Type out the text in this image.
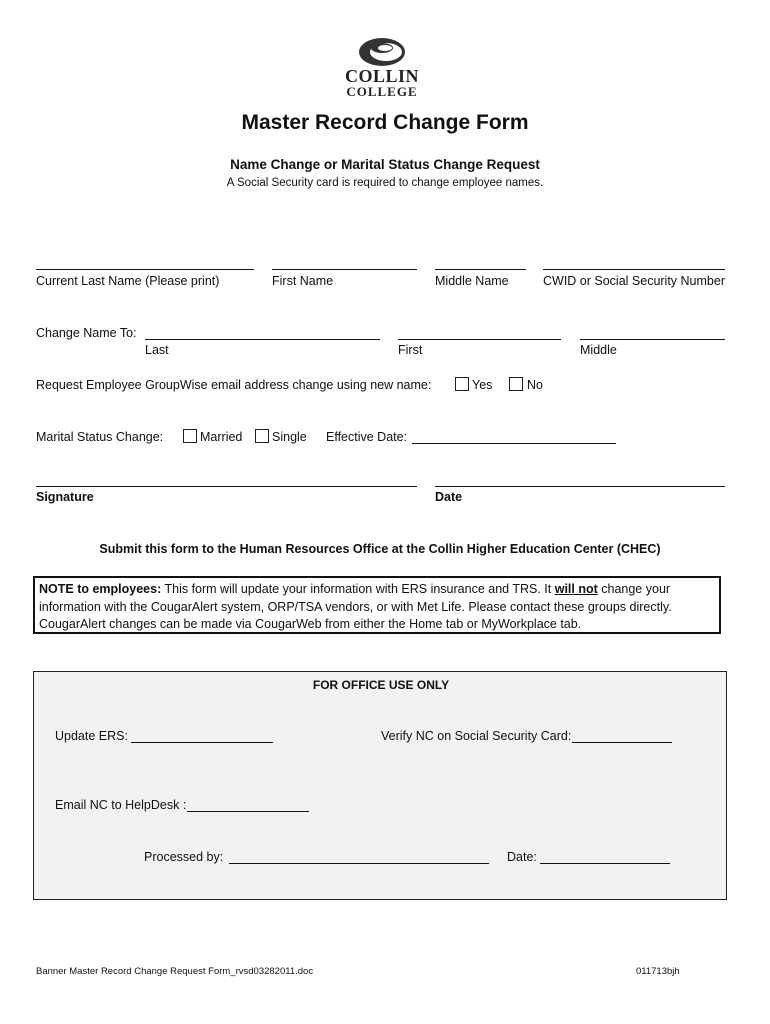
COLLIN
COLLEGE
Master Record Change Form
Name Change or Marital Status Change Request
A Social Security card is required to change employee names.
Current Last Name (Please print)	First Name	Middle Name	CWID or Social Security Number
Change Name To:
Last	First	Middle
Request Employee GroupWise email address change using new name:	Yes	No
Marital Status Change:	Married Single Effective Date:
Signature	Date
Submit this form to the Human Resources Office at the Collin Higher Education Center (CHEC)
NOTE to employees: This form will update your information with ERS insurance and TRS. It will not change your information with the CougarAlert system, ORP/TSA vendors, or with Met Life. Please contact these groups directly. CougarAlert changes can be made via CougarWeb from either the Home tab or MyWorkplace tab.
FOR OFFICE USE ONLY
Update ERS:	Verify NC on Social Security Card:
Email NC to HelpDesk :
Processed by:	Date:
Banner Master Record Change Request Form_rvsd03282011.doc	011713bjh
